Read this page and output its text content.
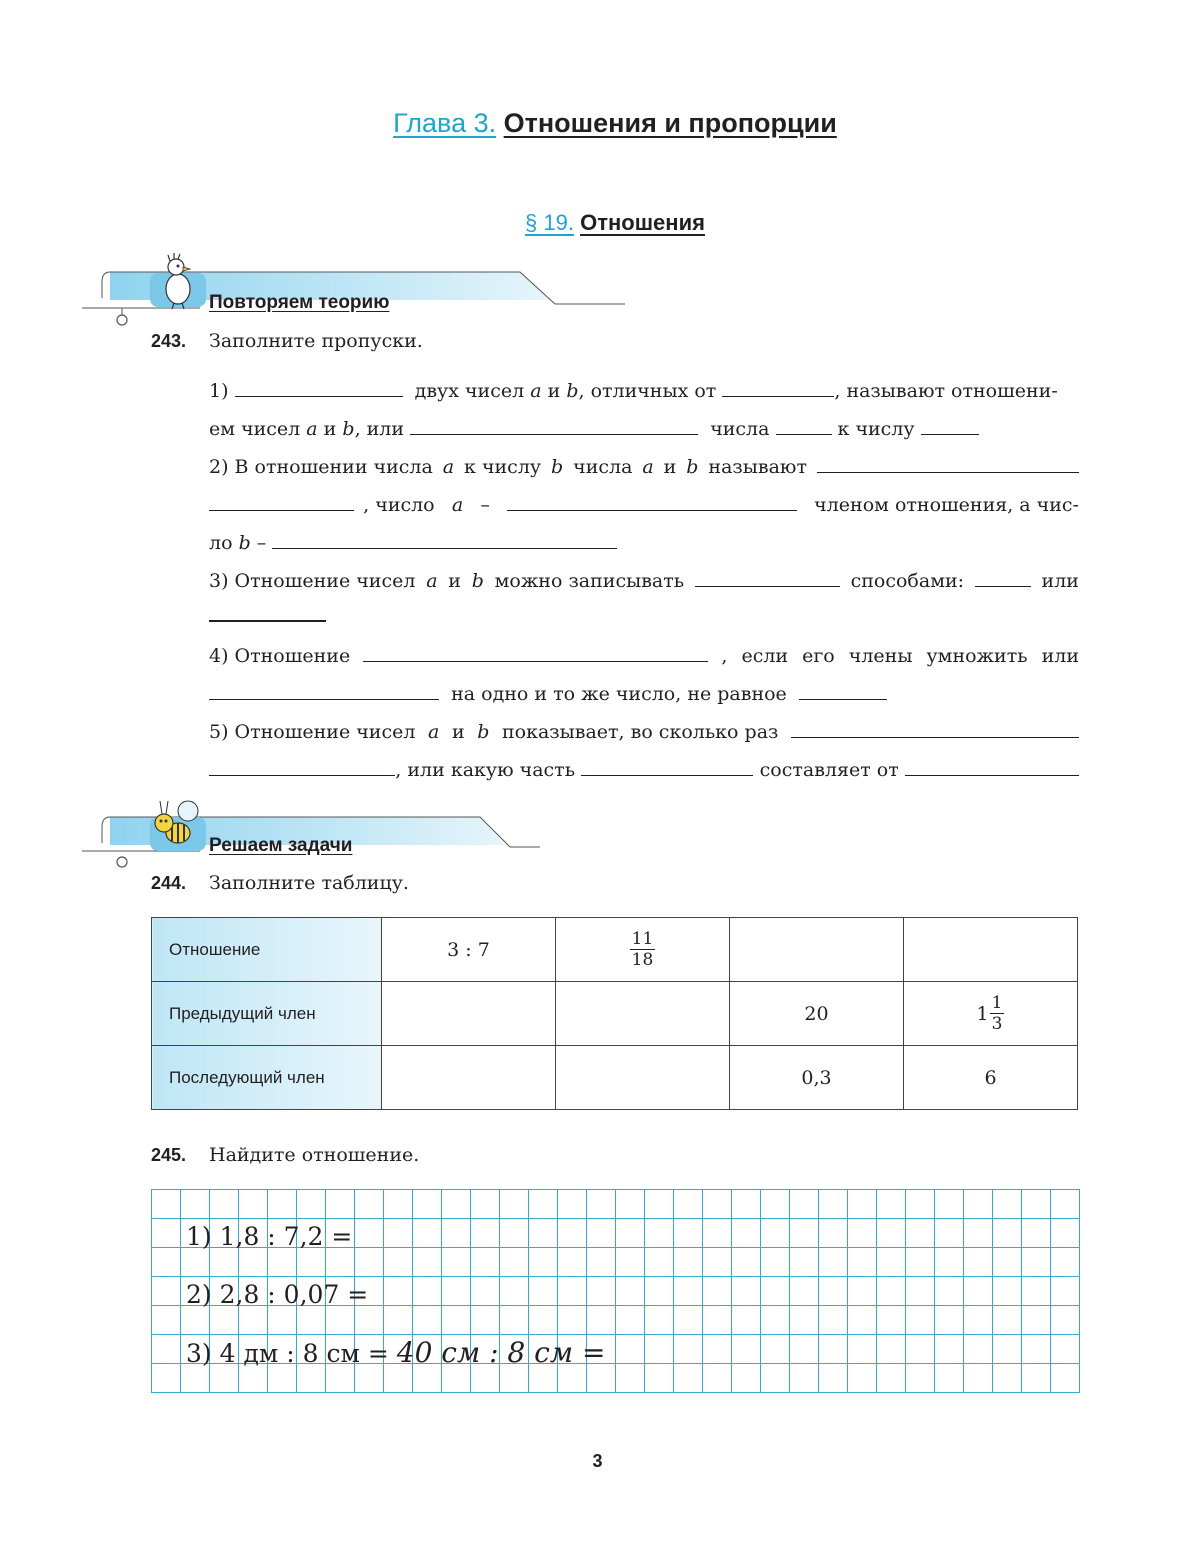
Глава 3. Отношения и пропорции
§ 19. Отношения
Повторяем теорию
243. Заполните пропуски.
1)

	двух чисел
a
и
b , отличных от
	, называют отношени-
ем чисел
a
и
b , или

	числа

	к числу

2) В отношении числа a к числу b числа a и b называют
, число a –	членом отношения, а чис-
ло
b
–

3) Отношение чисел a и b можно записывать	способами:	или
4) Отношение	, если его члены умножить или

на одно и то же число, не равное

5) Отношение чисел a и b показывает, во сколько раз
, или какую часть	составляет от
Решаем задачи
244. Заполните таблицу.
Отношение	3 : 7	$\frac{11}{18}$

Предыдущий член			20	$1 \frac{1}{3}$

Последующий член			0,3	6
245. Найдите отношение.
1) 1,8 : 7,2 =
2) 2,8 : 0,07 =
3) 4 дм : 8 см = 40 см : 8 см =
3
